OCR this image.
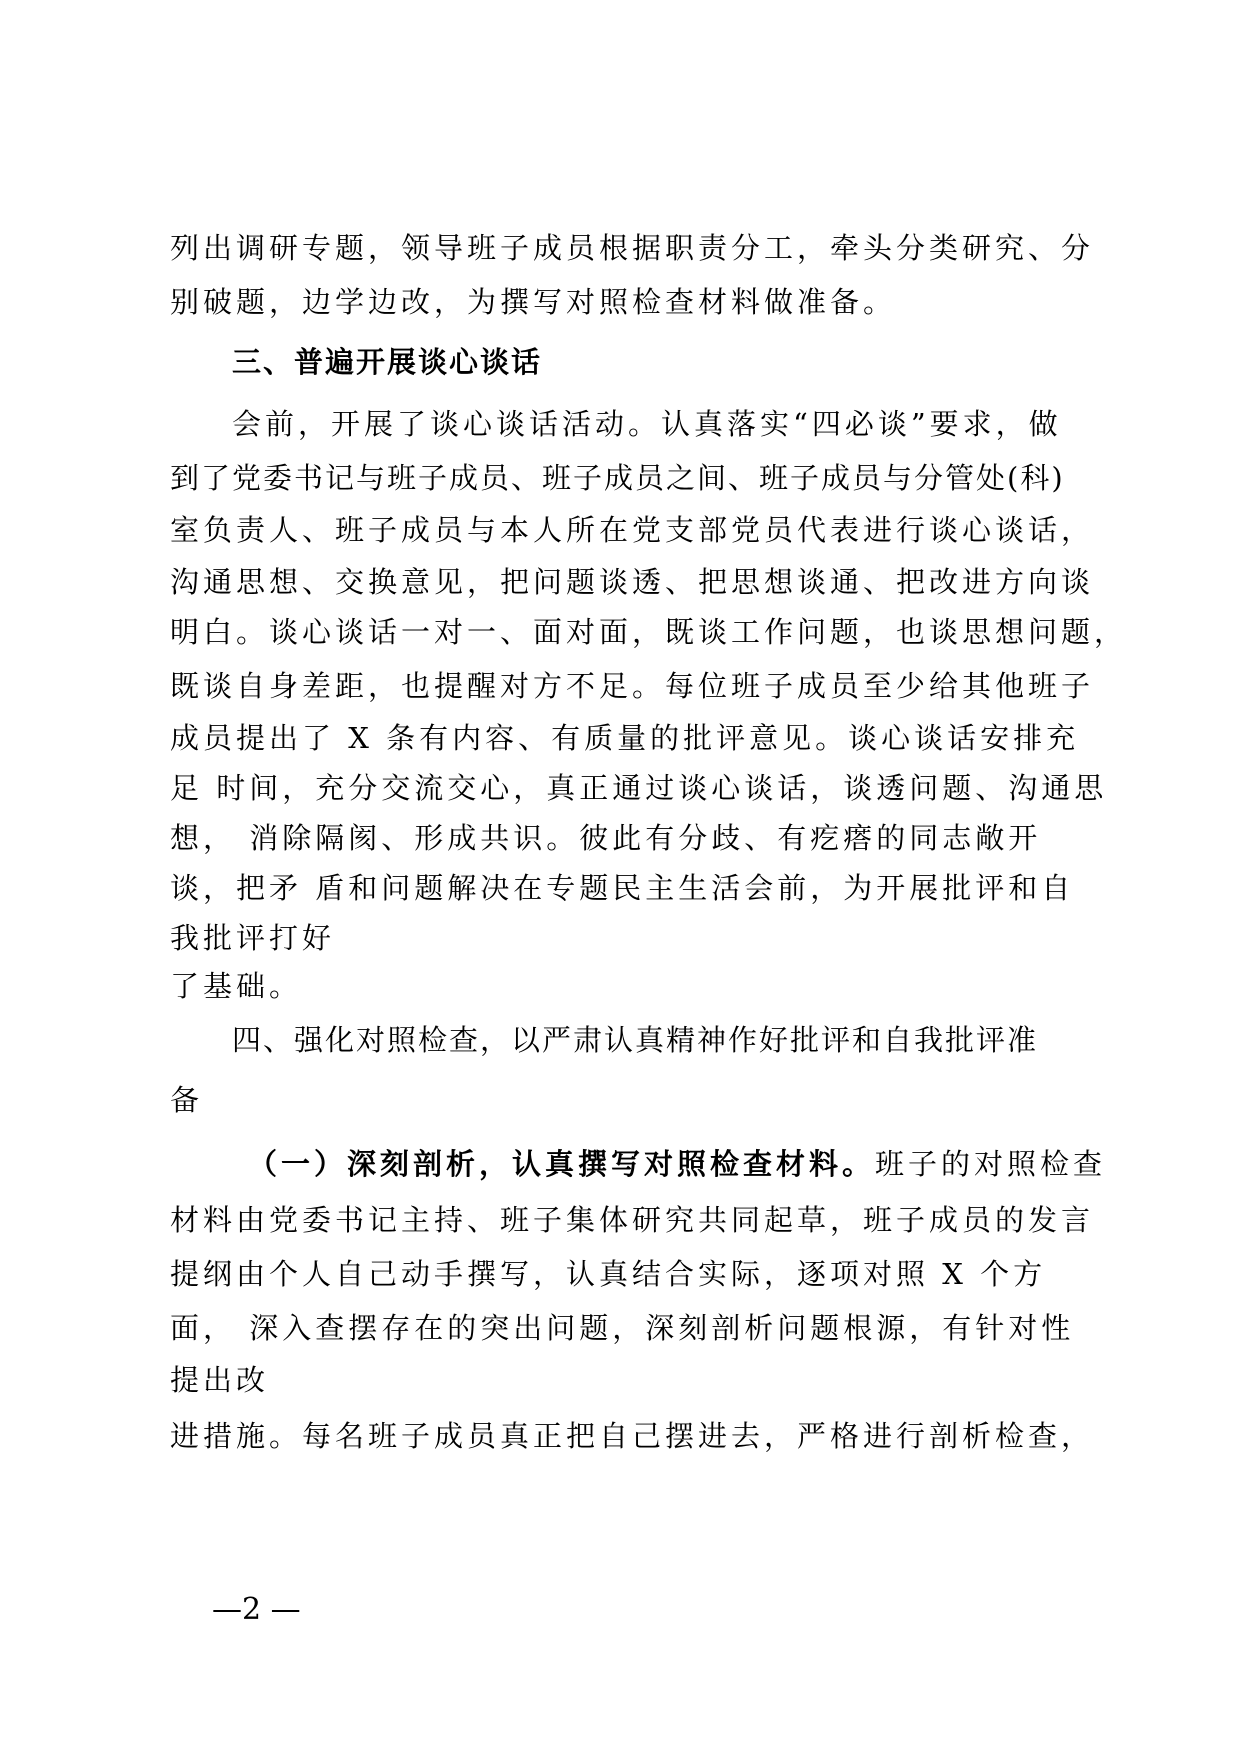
列出调研专题，领导班子成员根据职责分工，牵头分类研究、分
别破题，边学边改，为撰写对照检查材料做准备。
三、普遍开展谈心谈话
会前，开展了谈心谈话活动。认真落实“四必谈”要求，做
到了党委书记与班子成员、班子成员之间、班子成员与分管处(科)
室负责人、班子成员与本人所在党支部党员代表进行谈心谈话，
沟通思想、交换意见，把问题谈透、把思想谈通、把改进方向谈
明白。谈心谈话一对一、面对面，既谈工作问题，也谈思想问题，
既谈自身差距，也提醒对方不足。每位班子成员至少给其他班子
成员提出了 X 条有内容、有质量的批评意见。谈心谈话安排充
足 时间，充分交流交心，真正通过谈心谈话，谈透问题、沟通思
想， 消除隔阂、形成共识。彼此有分歧、有疙瘩的同志敞开
谈，把矛 盾和问题解决在专题民主生活会前，为开展批评和自
我批评打好
了基础。
四、强化对照检查，以严肃认真精神作好批评和自我批评准
备
（一）深刻剖析，认真撰写对照检查材料。班子的对照检查
材料由党委书记主持、班子集体研究共同起草，班子成员的发言
提纲由个人自己动手撰写，认真结合实际，逐项对照 X 个方
面， 深入查摆存在的突出问题，深刻剖析问题根源，有针对性
提出改
进措施。每名班子成员真正把自己摆进去，严格进行剖析检查，
—2 —
